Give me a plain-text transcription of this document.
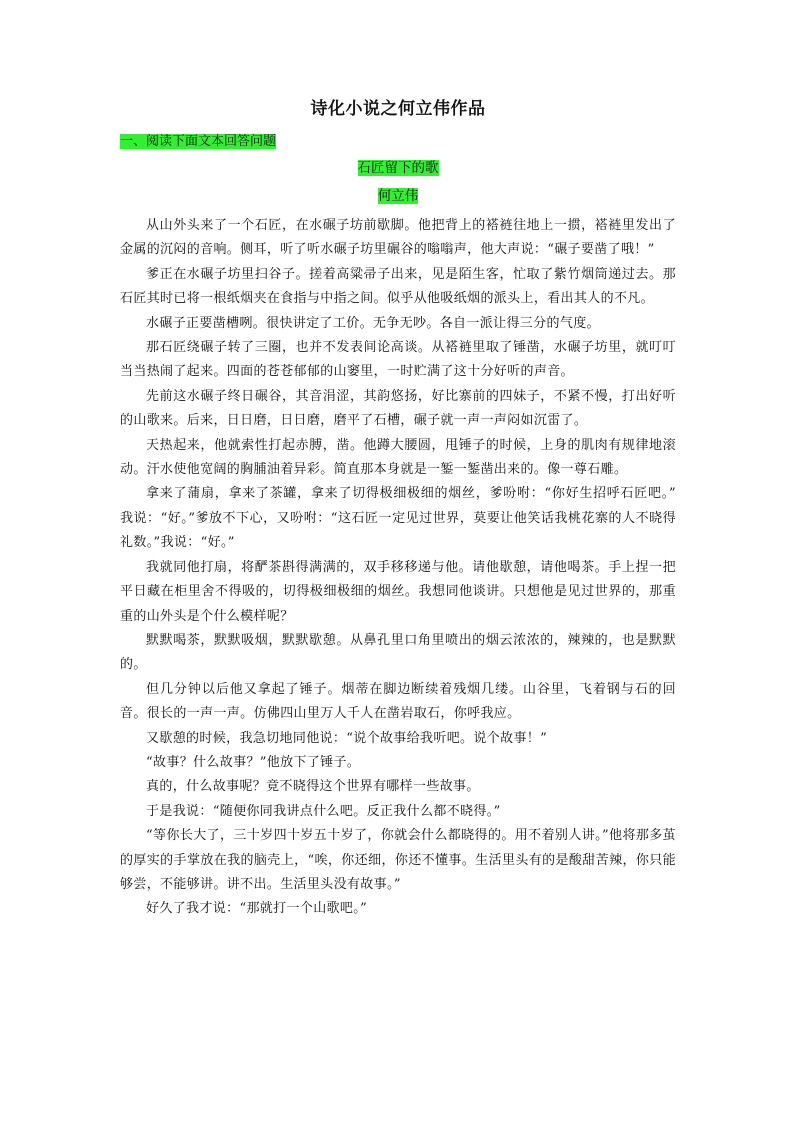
诗化小说之何立伟作品
一、阅读下面文本回答问题
石匠留下的歌
何立伟

从山外头来了一个石匠，在水碾子坊前歇脚。他把背上的褡裢往地上一掼，褡裢里发出了金属的沉闷的音响。侧耳，听了听水碾子坊里碾谷的嗡嗡声，他大声说：“碾子要凿了哦！”

爹正在水碾子坊里扫谷子。搓着高粱帚子出来，见是陌生客，忙取了紫竹烟筒递过去。那石匠其时已将一根纸烟夹在食指与中指之间。似乎从他吸纸烟的派头上，看出其人的不凡。

水碾子正要凿槽咧。很快讲定了工价。无争无吵。各自一派让得三分的气度。

那石匠绕碾子转了三圈，也并不发表间论高谈。从褡裢里取了锤凿，水碾子坊里，就叮叮当当热闹了起来。四面的苍苍郁郁的山窭里，一时贮满了这十分好听的声音。

先前这水碾子终日碾谷，其音涓涩，其韵悠扬，好比寨前的四妹子，不紧不慢，打出好听的山歌来。后来，日日磨，日日磨，磨平了石槽，碾子就一声一声闷如沉雷了。

天热起来，他就索性打起赤膊，凿。他蹲大腰圆，甩锤子的时候，上身的肌肉有规律地滚动。汗水使他宽阔的胸脯油着异彩。简直那本身就是一錾一錾凿出来的。像一尊石雕。

拿来了蒲扇，拿来了茶罐，拿来了切得极细极细的烟丝，爹吩咐：“你好生招呼石匠吧。” 我说：“好。”爹放不下心，又吩咐：“这石匠一定见过世界，莫要让他笑话我桃花寨的人不晓得礼数。”我说：“好。”

我就同他打扇，将酽茶斟得满满的，双手移移递与他。请他歇憩，请他喝茶。手上捏一把平日藏在柜里舍不得吸的，切得极细极细的烟丝。我想同他谈讲。只想他是见过世界的，那重重的山外头是个什么模样呢？

默默喝茶，默默吸烟，默默歇憩。从鼻孔里口角里喷出的烟云浓浓的，辣辣的，也是默默的。

但几分钟以后他又拿起了锤子。烟蒂在脚边断续着残烟几缕。山谷里，飞着钢与石的回音。很长的一声一声。仿佛四山里万人千人在凿岩取石，你呼我应。

又歇憩的时候，我急切地同他说：“说个故事给我听吧。说个故事！”

“故事？什么故事？”他放下了锤子。

真的，什么故事呢？竟不晓得这个世界有哪样一些故事。

于是我说：“随便你同我讲点什么吧。反正我什么都不晓得。”

“等你长大了，三十岁四十岁五十岁了，你就会什么都晓得的。用不着别人讲。”他将那多茧的厚实的手掌放在我的脑壳上，“唉，你还细，你还不懂事。生活里头有的是酸甜苦辣，你只能够尝，不能够讲。讲不出。生活里头没有故事。”

好久了我才说：“那就打一个山歌吧。”
